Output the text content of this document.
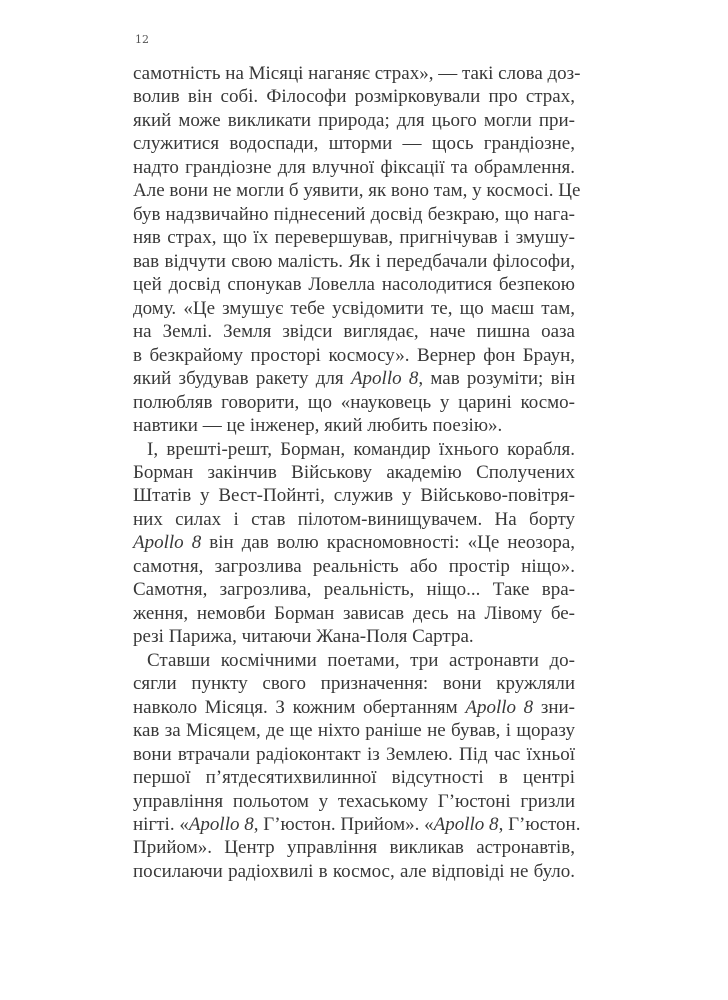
12
самотність на Місяці наганяє страх», — такі слова доз-
волив він собі. Філософи розмірковували про страх,
який може викликати природа; для цього могли при-
служитися водоспади, шторми — щось грандіозне,
надто грандіозне для влучної фіксації та обрамлення.
Але вони не могли б уявити, як воно там, у космосі. Це
був надзвичайно піднесений досвід безкраю, що нага-
няв страх, що їх перевершував, пригнічував і змушу-
вав відчути свою малість. Як і передбачали філософи,
цей досвід спонукав Ловелла насолодитися безпекою
дому. «Це змушує тебе усвідомити те, що маєш там,
на Землі. Земля звідси виглядає, наче пишна оаза
в безкрайому просторі космосу». Вернер фон Браун,
який збудував ракету для Apollo 8, мав розуміти; він
полюбляв говорити, що «науковець у царині космо-
навтики — це інженер, який любить поезію».
І, врешті-решт, Борман, командир їхнього корабля.
Борман закінчив Військову академію Сполучених
Штатів у Вест-Пойнті, служив у Військово-повітря-
них силах і став пілотом-винищувачем. На борту
Apollo 8 він дав волю красномовності: «Це неозора,
самотня, загрозлива реальність або простір ніщо».
Самотня, загрозлива, реальність, ніщо... Таке вра-
ження, немовби Борман зависав десь на Лівому бе-
резі Парижа, читаючи Жана-Поля Сартра.
Ставши космічними поетами, три астронавти до-
сягли пункту свого призначення: вони кружляли
навколо Місяця. З кожним обертанням Apollo 8 зни-
кав за Місяцем, де ще ніхто раніше не бував, і щоразу
вони втрачали радіоконтакт із Землею. Під час їхньої
першої п’ятдесятихвилинної відсутності в центрі
управління польотом у техаському Г’юстоні гризли
нігті. «Apollo 8, Г’юстон. Прийом». «Apollo 8, Г’юстон.
Прийом». Центр управління викликав астронавтів,
посилаючи радіохвилі в космос, але відповіді не було.
